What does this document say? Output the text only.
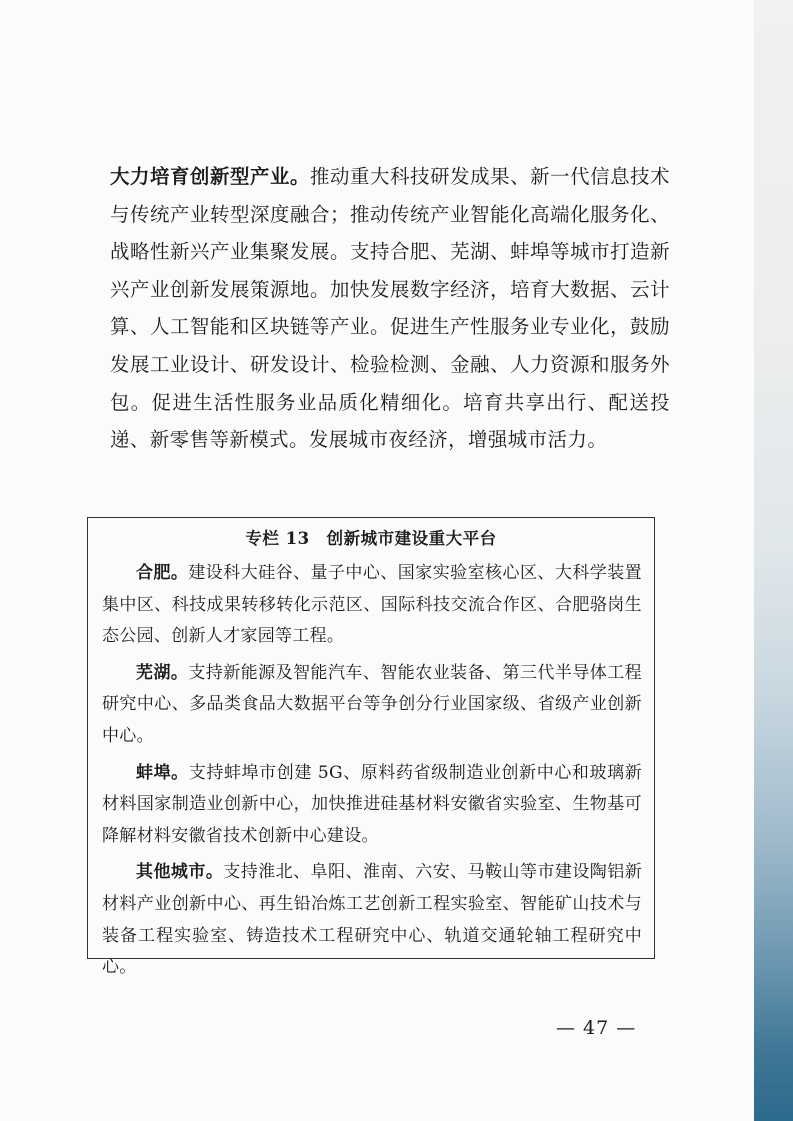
大力培育创新型产业。推动重大科技研发成果、新一代信息技术与传统产业转型深度融合；推动传统产业智能化高端化服务化、战略性新兴产业集聚发展。支持合肥、芜湖、蚌埠等城市打造新兴产业创新发展策源地。加快发展数字经济，培育大数据、云计算、人工智能和区块链等产业。促进生产性服务业专业化，鼓励发展工业设计、研发设计、检验检测、金融、人力资源和服务外包。促进生活性服务业品质化精细化。培育共享出行、配送投递、新零售等新模式。发展城市夜经济，增强城市活力。

专栏 13　创新城市建设重大平台

合肥。建设科大硅谷、量子中心、国家实验室核心区、大科学装置集中区、科技成果转移转化示范区、国际科技交流合作区、合肥骆岗生态公园、创新人才家园等工程。

芜湖。支持新能源及智能汽车、智能农业装备、第三代半导体工程研究中心、多品类食品大数据平台等争创分行业国家级、省级产业创新中心。

蚌埠。支持蚌埠市创建 5G、原料药省级制造业创新中心和玻璃新材料国家制造业创新中心，加快推进硅基材料安徽省实验室、生物基可降解材料安徽省技术创新中心建设。

其他城市。支持淮北、阜阳、淮南、六安、马鞍山等市建设陶铝新材料产业创新中心、再生铅冶炼工艺创新工程实验室、智能矿山技术与装备工程实验室、铸造技术工程研究中心、轨道交通轮轴工程研究中心。

— 47 —
